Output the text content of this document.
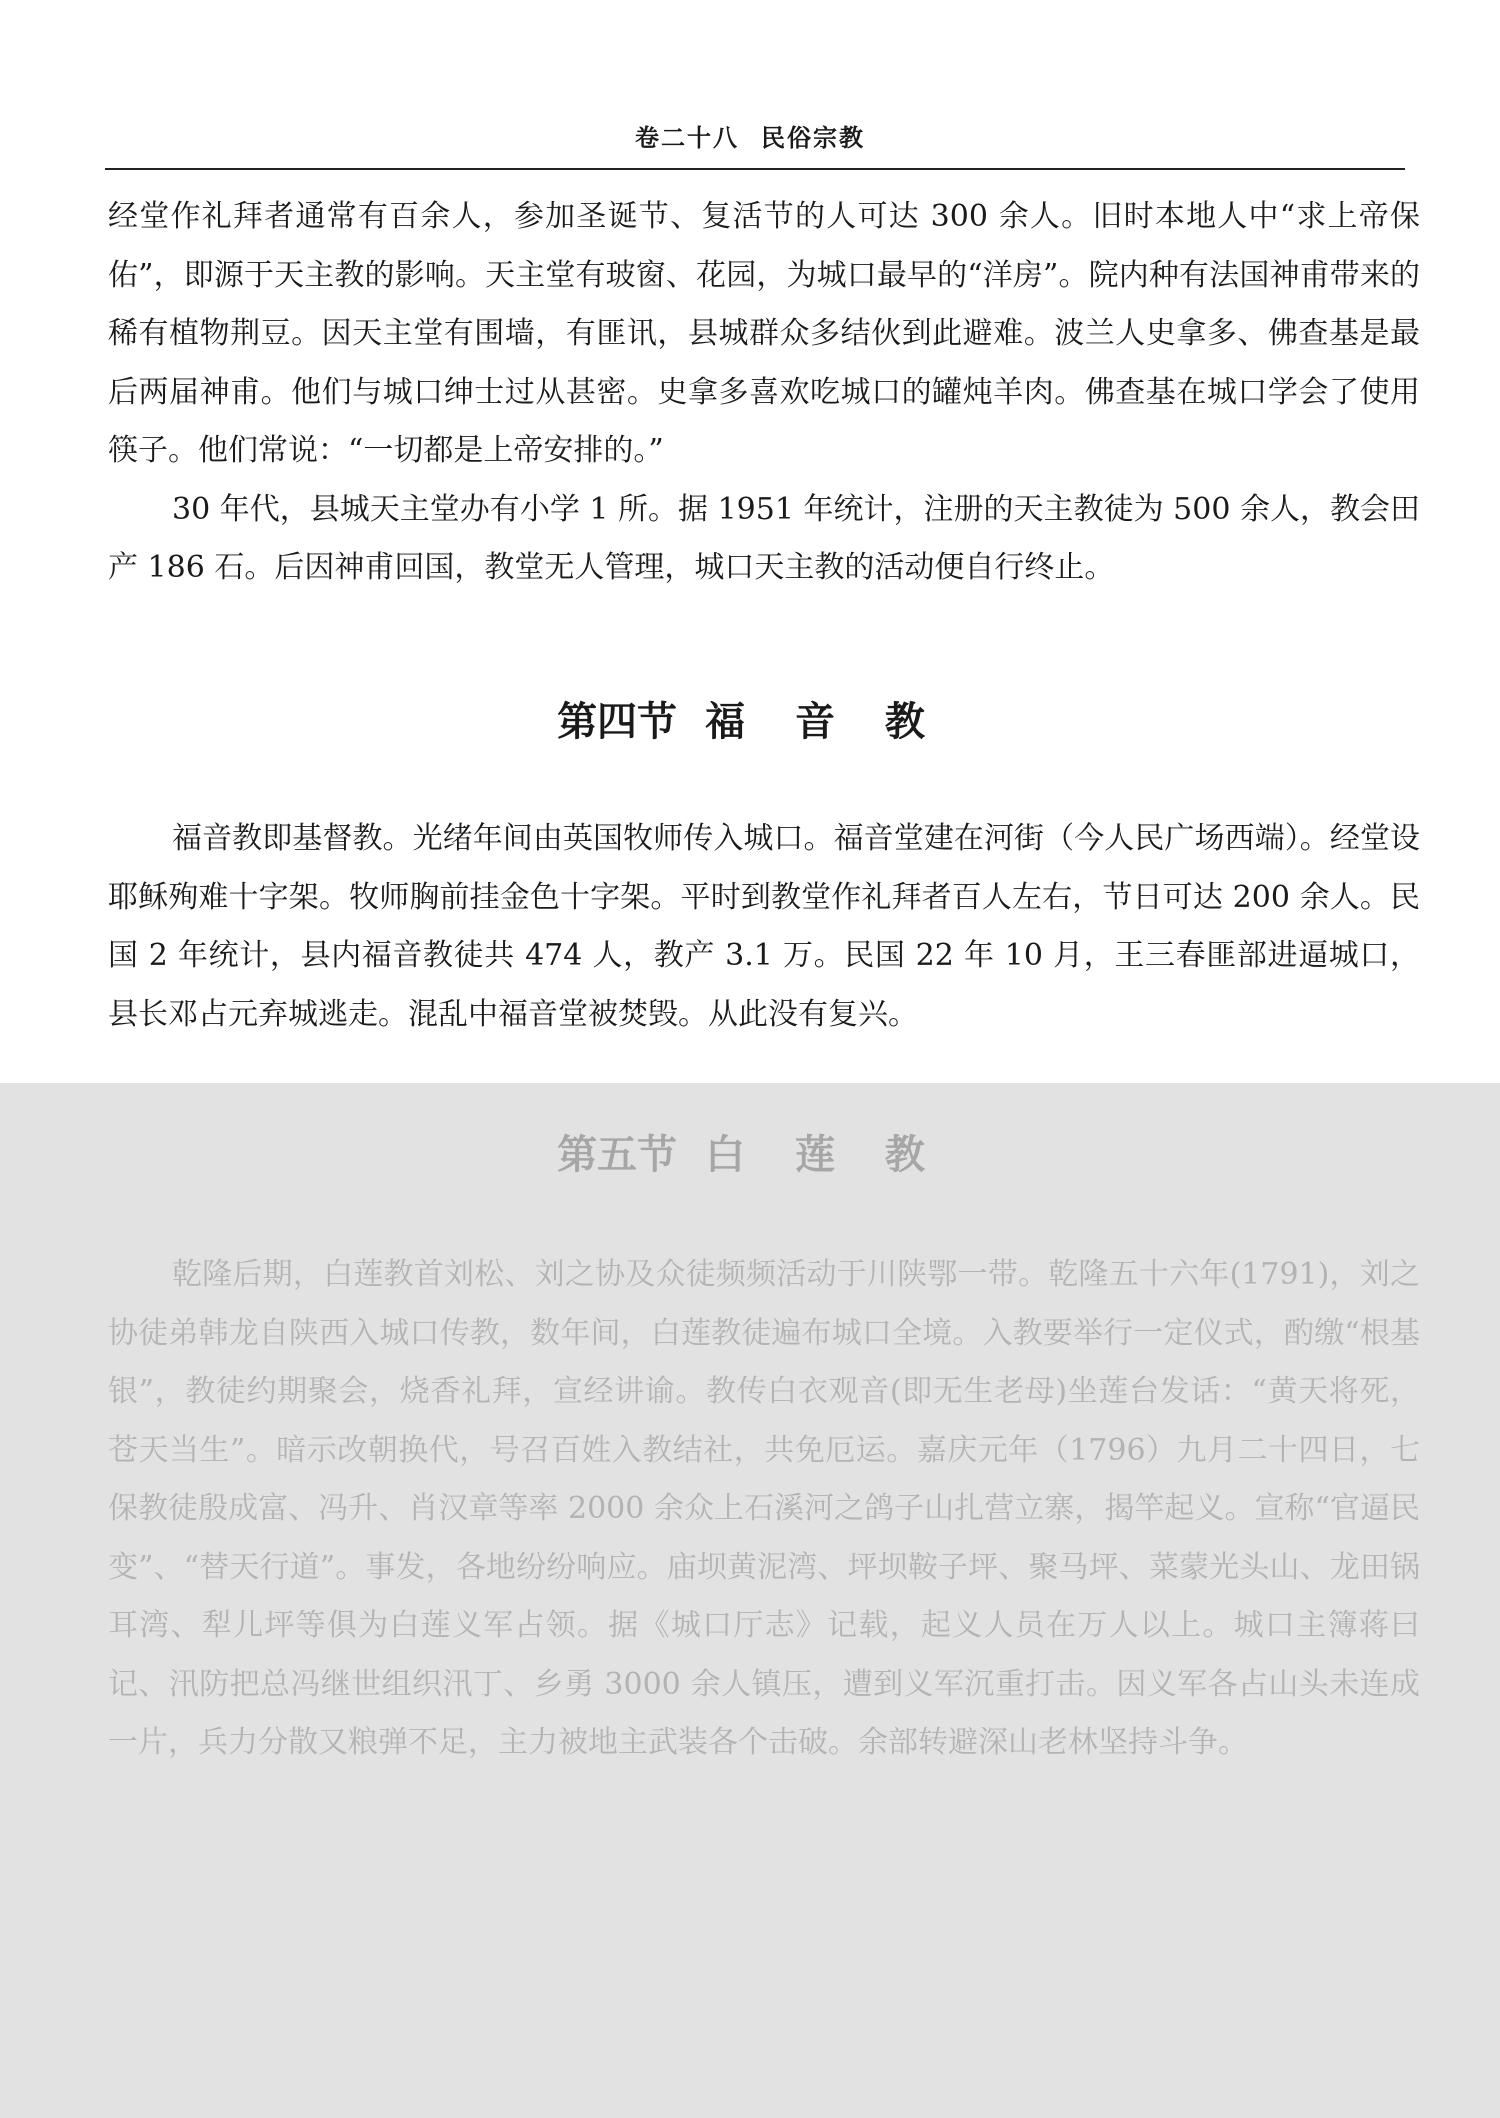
卷二十八 民俗宗教

经堂作礼拜者通常有百余人，参加圣诞节、复活节的人可达 300 余人。旧时本地人中“求上帝保佑”，即源于天主教的影响。天主堂有玻窗、花园，为城口最早的“洋房”。院内种有法国神甫带来的稀有植物荆豆。因天主堂有围墙，有匪讯，县城群众多结伙到此避难。波兰人史拿多、佛查基是最后两届神甫。他们与城口绅士过从甚密。史拿多喜欢吃城口的罐炖羊肉。佛查基在城口学会了使用筷子。他们常说：“一切都是上帝安排的。”

30 年代，县城天主堂办有小学 1 所。据 1951 年统计，注册的天主教徒为 500 余人，教会田产 186 石。后因神甫回国，教堂无人管理，城口天主教的活动便自行终止。

第四节 福 音 教

福音教即基督教。光绪年间由英国牧师传入城口。福音堂建在河街（今人民广场西端）。经堂设耶稣殉难十字架。牧师胸前挂金色十字架。平时到教堂作礼拜者百人左右，节日可达 200 余人。民国 2 年统计，县内福音教徒共 474 人，教产 3.1 万。民国 22 年 10 月，王三春匪部进逼城口，县长邓占元弃城逃走。混乱中福音堂被焚毁。从此没有复兴。

第五节 白 莲 教

乾隆后期，白莲教首刘松、刘之协及众徒频频活动于川陕鄂一带。乾隆五十六年(1791)，刘之协徒弟韩龙自陕西入城口传教，数年间，白莲教徒遍布城口全境。入教要举行一定仪式，酌缴“根基银”，教徒约期聚会，烧香礼拜，宣经讲谕。教传白衣观音(即无生老母)坐莲台发话：“黄天将死，苍天当生”。暗示改朝换代，号召百姓入教结社，共免厄运。嘉庆元年（1796）九月二十四日，七保教徒殷成富、冯升、肖汉章等率 2000 余众上石溪河之鸽子山扎营立寨，揭竿起义。宣称“官逼民变”、“替天行道”。事发，各地纷纷响应。庙坝黄泥湾、坪坝鞍子坪、聚马坪、菜蒙光头山、龙田锅耳湾、犁儿坪等俱为白莲义军占领。据《城口厅志》记载，起义人员在万人以上。城口主簿蒋曰记、汛防把总冯继世组织汛丁、乡勇 3000 余人镇压，遭到义军沉重打击。因义军各占山头未连成一片，兵力分散又粮弹不足，主力被地主武装各个击破。余部转避深山老林坚持斗争。
